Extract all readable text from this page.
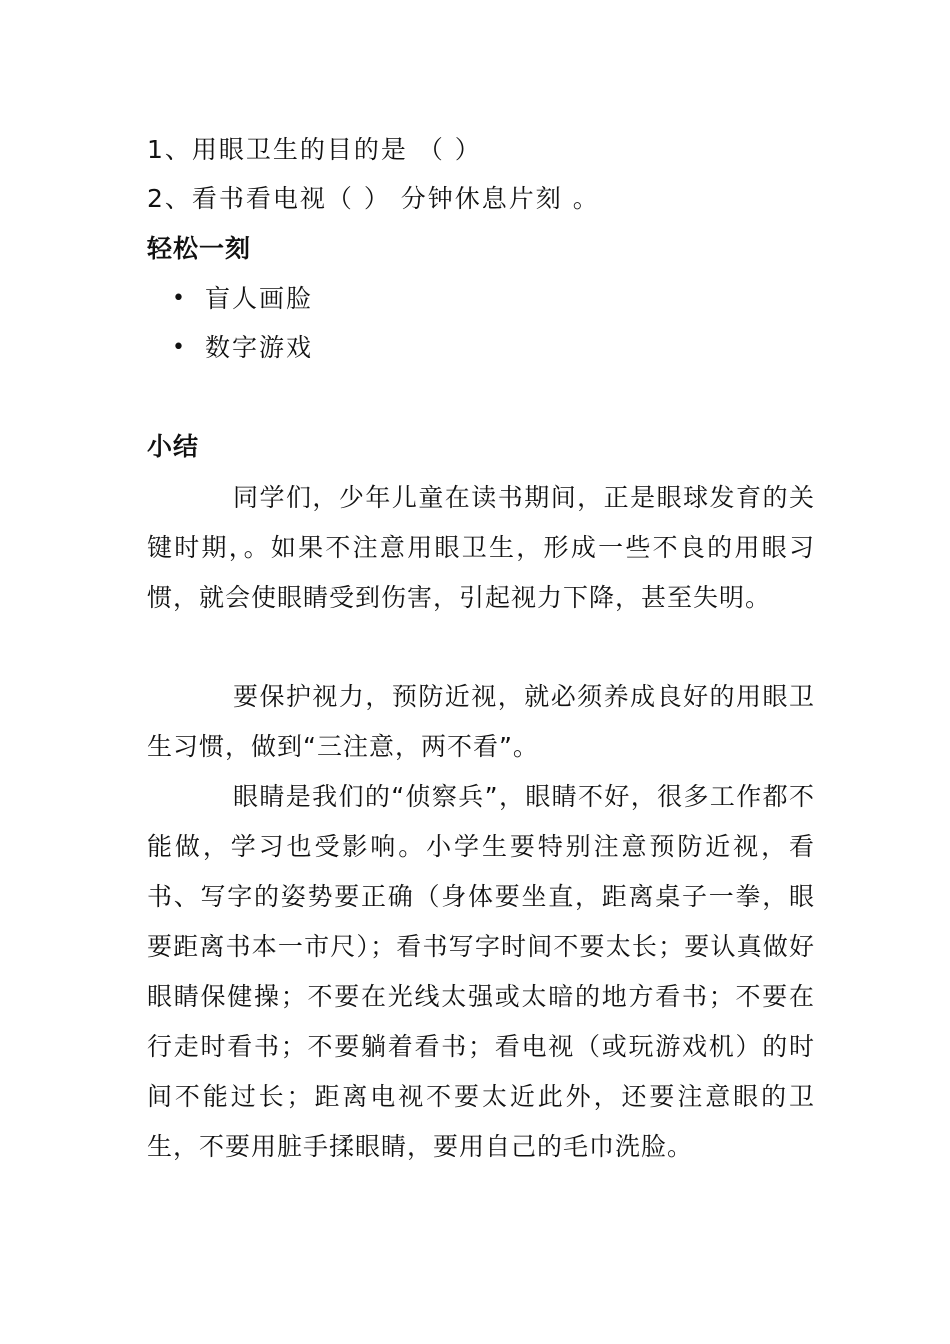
1、用眼卫生的目的是 （ ）
2、看书看电视（ ） 分钟休息片刻 。
轻松一刻
• 盲人画脸
• 数字游戏
小结
同学们，少年儿童在读书期间，正是眼球发育的关键时期，。如果不注意用眼卫生，形成一些不良的用眼习惯，就会使眼睛受到伤害，引起视力下降，甚至失明。
要保护视力，预防近视，就必须养成良好的用眼卫生习惯，做到“三注意，两不看”。
眼睛是我们的“侦察兵”，眼睛不好，很多工作都不能做，学习也受影响。小学生要特别注意预防近视，看书、写字的姿势要正确（身体要坐直，距离桌子一拳，眼要距离书本一市尺）；看书写字时间不要太长；要认真做好眼睛保健操；不要在光线太强或太暗的地方看书；不要在行走时看书；不要躺着看书；看电视（或玩游戏机）的时间不能过长；距离电视不要太近此外，还要注意眼的卫生，不要用脏手揉眼睛，要用自己的毛巾洗脸。
